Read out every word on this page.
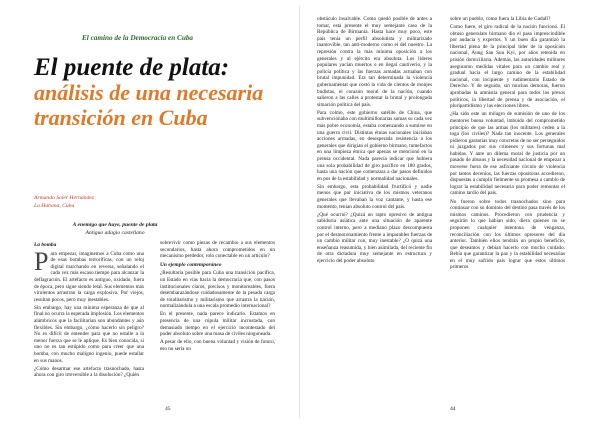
El camino de la Democracia en Cuba
El puente de plata:
análisis de una necesaria transición en Cuba
Armando Soler Hernández
La Habana, Cuba
A enemigo que huye, puente de plata
Antiguo adagio castellano
La bomba

Para empezar, imaginemos a Cuba como una de esas bombas terroríficas, con un reloj digital marchando en reversa, señalando el cada vez más escaso tiempo para alcanzar la deflagración. El artefacto es antiguo, oxidado, fuera de época, pero sigue siendo letal. Sus elementos más virulentos arrastran la carga explosiva. Por viejos, resultan pocos, pero muy inestables.

Sin embargo, hay una mínima esperanza de que al final no ocurra la esperada implosión. Los elementos alámbricos que la facilitarían son abundantes y aún flexibles. Sin embargo, ¿cómo hacerlo sin peligro? No es difícil de entender para que no estalle a la menor fuerza que se le aplique. Es bien conocida, si uno no es tan estúpido como para creer que una bomba, con mucho maligno ingenio, puede estallar en sus manos.

¿Cómo desarmar ese artefacto trasnochado, hasta ahora con giro irreversible a la disolución? ¿Quién

sobrevivir como piezas de recambio a sus elementos secundarios, hasta ahora comprometidos en un mecanismo perdedor, rolo conectable en un artículo?

Un ejemplo contemporáneo

¿Resultaría posible para Cuba una transición pacífica, un Estado en vías hacia la democracia que, con pasos institucionales claros, precisos y monitoreables, fuera desembarazándose cuidadosamente de la pesada carga de totalitarismo y militarismo que arrastra la nación, normalizándola a una escala promedio internacional?

En el presente, nada parece indicarlo. Estamos en presencia de una cúpula militar incrustada, con demasiado tiempo en el ejercicio incontestado del poder absoluto sobre una masa de civiles ninguneada.

A pesar de ello, con buena voluntad y visión de futuro, eso no sería un

45

obstáculo insalvable. Como quedó posible de antes a tomar, está presente el muy semejante caso de la República de Birmania. Hasta hace muy poco, este país tenía un perfil absolutista y militarizado inamovible, tan anti-moderno como el del nuestro. La represión contra la más mínima oposición a los generales y al ejército era absoluta. Los líderes populares yacían muertos o en ilegal cautiverio, y la policía política y las fuerzas armadas actuaban con brutal impunidad. Era tan determinada la violencia gubernamental que costó la vida de cientos de monjes budistas, el corazón moral de la nación, cuando salieron a las calles a protestar la brutal y prolongada situación política del país.

Para colmo, este gobierno satélite de China, que subvencionaba con multimillonarias sumas su cada vez más pobre economía, estaba comenzando a sumirse en una guerra civil. Distintas étnias nacionales iniciaban acciones armadas, en desesperada resistencia a los generales que dirigían el gobierno birmano, tumefactos en una limpieza étnica que apenas se mencionó en la prensa occidental. Nada parecía indicar que hubiera una sola probabilidad de giro pacífico en 180 grados, hasta una nación que comenzara a dar pasos definidos en pos de la estabilidad y normalidad nacionales.

Sin embargo, esta probabilidad fructificó y nadie menos que por iniciativa de los mismos veteranos generales que llevaban la voz cantante, y hasta ese momento, tenían absoluto control del país.

¿Qué ocurrió? ¿Quizá un rapto opresivo de antigua sabiduría asiática ante una situación de aparente control interno, pero a mediano plazo descompuesta por el desmoronamiento frente a imparables fuerzas de un cambio militar con, muy inestable? ¿O quizá una enseñanza reasumida, y bien asimilada, del reciente fin de otra dictadura muy semejante en estructura y ejercicio del poder absoluto

sobre un pueblo, como fuera la Libia de Gadafi?

Como fuere, el giro radical de la nación funcionó. El obtuso generalato birmano dio el paso imprescindible por audacia y expertos. Y un buen día garantizó la libertad plena de la principal líder de la oposición nacional, Aung San Suu Kyi, por años retenida en prisión domiciliaria. Además, las autoridades militares aseguraron medidas vitales para un cambio real y gradual hacia el largo camino de la estabilidad nacional, con incipiente y rudimentario Estado de Derecho. Y de seguido, sin muchas demoras, fueron aprobadas la amnistía general para todos los presos políticos, la libertad de prensa y de asociación, el pluripartidismo y las elecciones libres.

¿Ha sido este un milagro de sumisión de uno de los mentores buena voluntad, imbuido del comprometido principio de que las armas (los militares) ceden a la toga (los civiles)? Nada tan inocente. Los generales pidieron garantías muy concretas de no ser perseguidos ni juzgados por sus crímenes y sus fortunas mal habidas. Y ante un dilema moral de justicia por un pasado de abusos y la necesidad nacional de empezar a moverse fuera de ese asfixiante círculo de violencia por tantos decenios, las fuerzas opositoras accedieron, dispuestas a cumplir fielmente su promesa a cambio de lograr la estabilidad necesaria para poder remontar el camino tardío del país.

No fueron sobre todos trasnochados sino para continuar con su dominio del destino pasa través de los mismos caminos. Procedieron con prudencia y seguirán lo que habían sido, diera quienes no se proponen cualquier intentona de venganza, reconciliación con los últimos opresores del día anterior. También ellos tendrán un propio beneficio, que deseamos y debían hacerlo con mucho cuidado. Bebía que garantizar la paz y la estabilidad necesarias en el muy sufrido país lograr que estos últimos primeros

44
